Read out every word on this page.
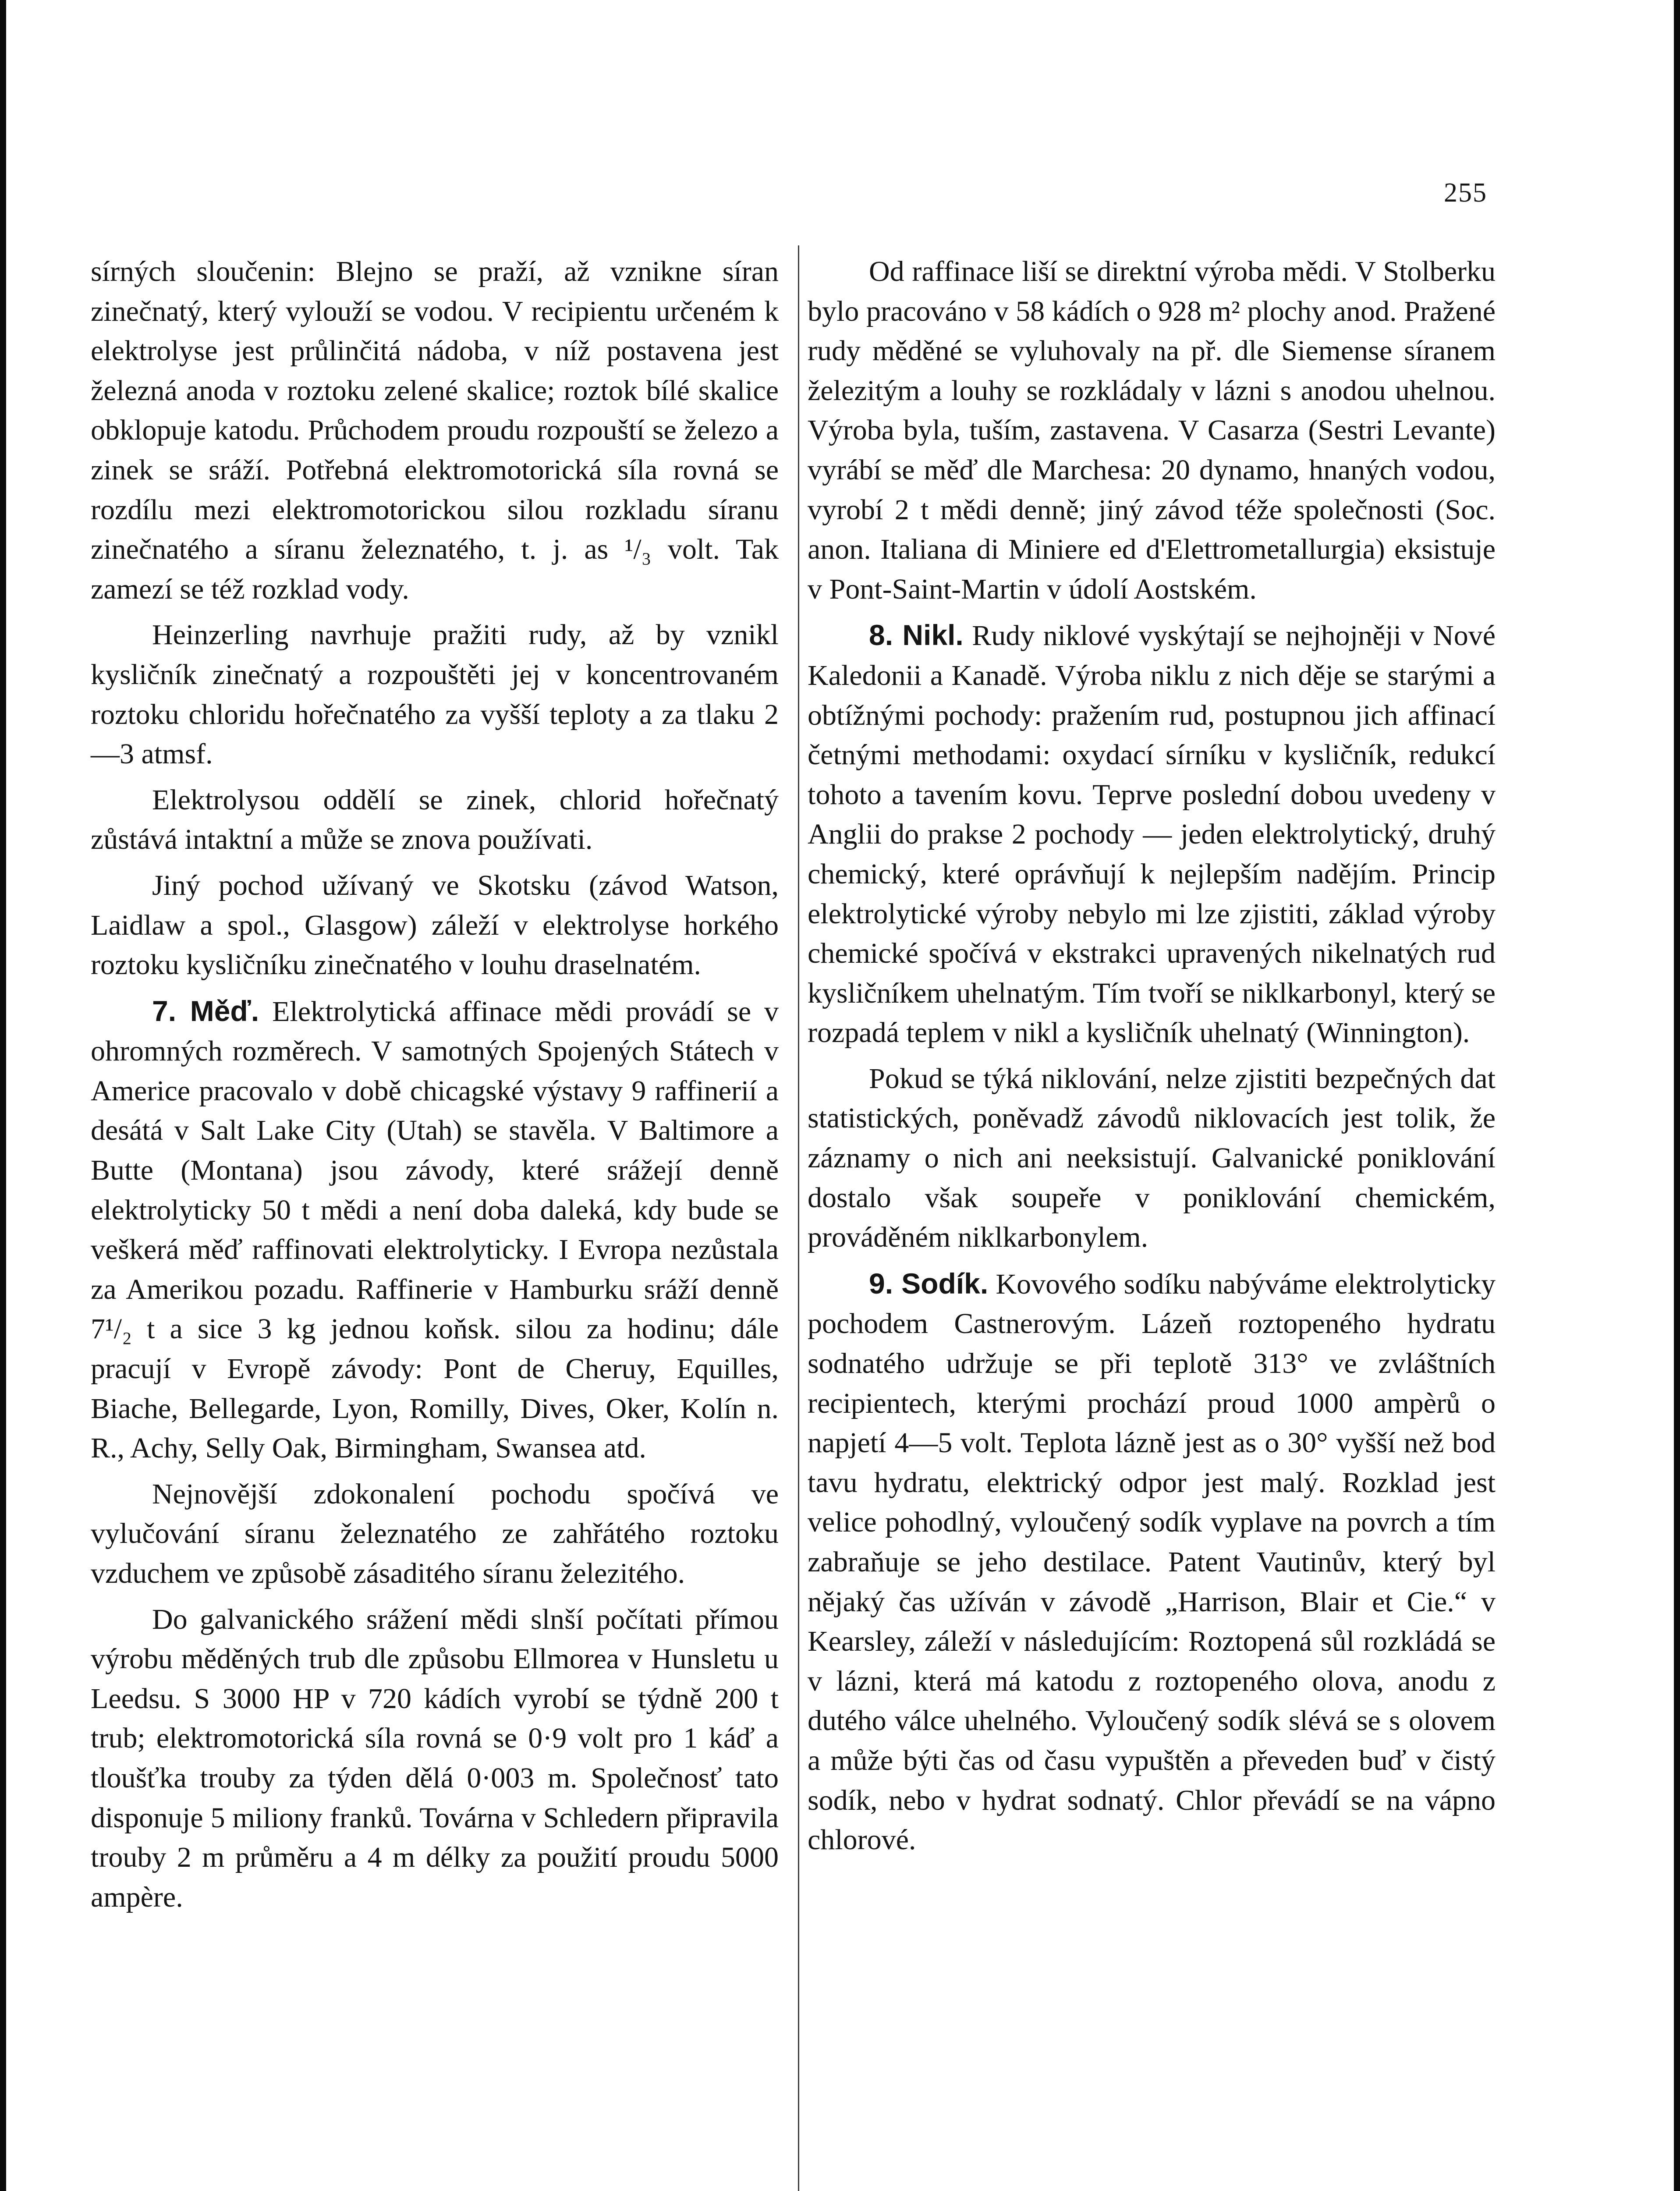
255

sírných sloučenin: Blejno se praží, až vznikne síran zinečnatý, který vylouží se vodou. V recipientu určeném k elektrolyse jest průlinčitá nádoba, v níž postavena jest železná anoda v roztoku zelené skalice; roztok bílé skalice obklopuje katodu. Průchodem proudu rozpouští se železo a zinek se sráží. Potřebná elektromotorická síla rovná se rozdílu mezi elektromotorickou silou rozkladu síranu zinečnatého a síranu železnatého, t. j. as ¹/₃ volt. Tak zamezí se též rozklad vody.

Heinzerling navrhuje pražiti rudy, až by vznikl kysličník zinečnatý a rozpouštěti jej v koncentrovaném roztoku chloridu hořečnatého za vyšší teploty a za tlaku 2—3 atmsf.

Elektrolysou oddělí se zinek, chlorid hořečnatý zůstává intaktní a může se znova používati.

Jiný pochod užívaný ve Skotsku (závod Watson, Laidlaw a spol., Glasgow) záleží v elektrolyse horkého roztoku kysličníku zinečnatého v louhu draselnatém.

7. Měď. Elektrolytická affinace mědi provádí se v ohromných rozměrech. V samotných Spojených Státech v Americe pracovalo v době chicagské výstavy 9 raffinerií a desátá v Salt Lake City (Utah) se stavěla. V Baltimore a Butte (Montana) jsou závody, které srážejí denně elektrolyticky 50 t mědi a není doba daleká, kdy bude se veškerá měď raffinovati elektrolyticky. I Evropa nezůstala za Amerikou pozadu. Raffinerie v Hamburku sráží denně 7¹/₂ t a sice 3 kg jednou koňsk. silou za hodinu; dále pracují v Evropě závody: Pont de Cheruy, Equilles, Biache, Bellegarde, Lyon, Romilly, Dives, Oker, Kolín n. R., Achy, Selly Oak, Birmingham, Swansea atd.

Nejnovější zdokonalení pochodu spočívá ve vylučování síranu železnatého ze zahřátého roztoku vzduchem ve způsobě zásaditého síranu železitého.

Do galvanického srážení mědi slnší počítati přímou výrobu měděných trub dle způsobu Ellmorea v Hunsletu u Leedsu. S 3000 HP v 720 kádích vyrobí se týdně 200 t trub; elektromotorická síla rovná se 0·9 volt pro 1 káď a tloušťka trouby za týden dělá 0·003 m. Společnosť tato disponuje 5 miliony franků. Továrna v Schledern připravila trouby 2 m průměru a 4 m délky za použití proudu 5000 ampère.

Od raffinace liší se direktní výroba mědi. V Stolberku bylo pracováno v 58 kádích o 928 m² plochy anod. Pražené rudy měděné se vyluhovaly na př. dle Siemense síranem železitým a louhy se rozkládaly v lázni s anodou uhelnou. Výroba byla, tuším, zastavena. V Casarza (Sestri Levante) vyrábí se měď dle Marchesa: 20 dynamo, hnaných vodou, vyrobí 2 t mědi denně; jiný závod téže společnosti (Soc. anon. Italiana di Miniere ed d'Elettrometallurgia) eksistuje v Pont-Saint-Martin v údolí Aostském.

8. Nikl. Rudy niklové vyskýtají se nejhojněji v Nové Kaledonii a Kanadě. Výroba niklu z nich děje se starými a obtížnými pochody: pražením rud, postupnou jich affinací četnými methodami: oxydací sírníku v kysličník, redukcí tohoto a tavením kovu. Teprve poslední dobou uvedeny v Anglii do prakse 2 pochody — jeden elektrolytický, druhý chemický, které oprávňují k nejlepším nadějím. Princip elektrolytické výroby nebylo mi lze zjistiti, základ výroby chemické spočívá v ekstrakci upravených nikelnatých rud kysličníkem uhelnatým. Tím tvoří se niklkarbonyl, který se rozpadá teplem v nikl a kysličník uhelnatý (Winnington).

Pokud se týká niklování, nelze zjistiti bezpečných dat statistických, poněvadž závodů niklovacích jest tolik, že záznamy o nich ani neeksistují. Galvanické poniklování dostalo však soupeře v poniklování chemickém, prováděném niklkarbonylem.

9. Sodík. Kovového sodíku nabýváme elektrolyticky pochodem Castnerovým. Lázeň roztopeného hydratu sodnatého udržuje se při teplotě 313° ve zvláštních recipientech, kterými prochází proud 1000 ampèrů o napjetí 4—5 volt. Teplota lázně jest as o 30° vyšší než bod tavu hydratu, elektrický odpor jest malý. Rozklad jest velice pohodlný, vyloučený sodík vyplave na povrch a tím zabraňuje se jeho destilace. Patent Vautinův, který byl nějaký čas užíván v závodě „Harrison, Blair et Cie.“ v Kearsley, záleží v následujícím: Roztopená sůl rozkládá se v lázni, která má katodu z roztopeného olova, anodu z dutého válce uhelného. Vyloučený sodík slévá se s olovem a může býti čas od času vypuštěn a převeden buď v čistý sodík, nebo v hydrat sodnatý. Chlor převádí se na vápno chlorové.
